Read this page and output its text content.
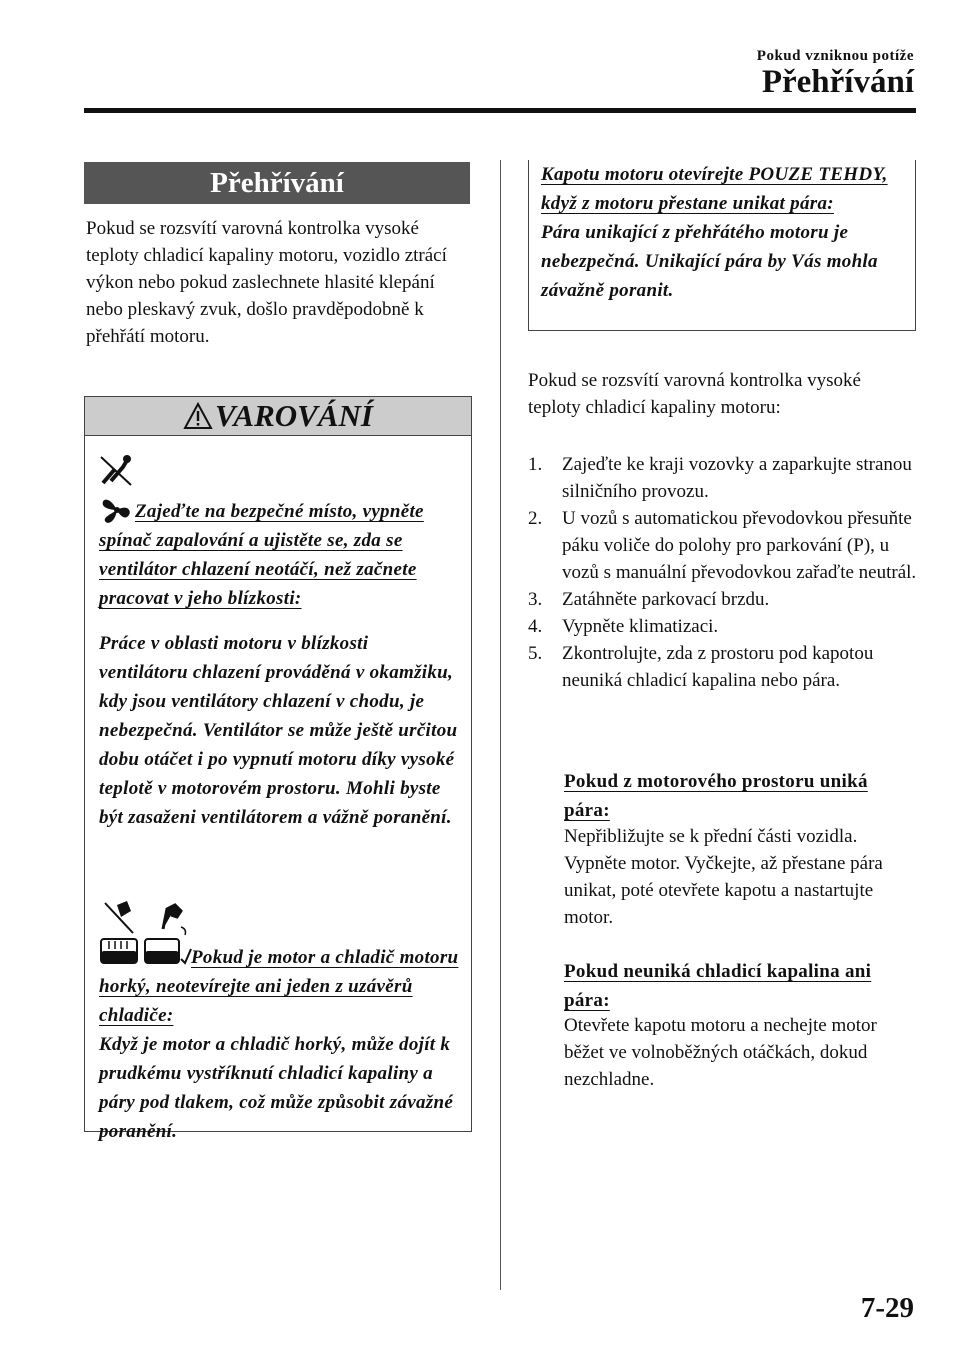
Pokud vzniknou potíže
Přehřívání
Přehřívání
Pokud se rozsvítí varovná kontrolka vysoké teploty chladicí kapaliny motoru, vozidlo ztrácí výkon nebo pokud zaslechnete hlasité klepání nebo pleskavý zvuk, došlo pravděpodobně k přehřátí motoru.
VAROVÁNÍ
Zajeďte na bezpečné místo, vypněte spínač zapalování a ujistěte se, zda se ventilátor chlazení neotáčí, než začnete pracovat v jeho blízkosti:
Práce v oblasti motoru v blízkosti ventilátoru chlazení prováděná v okamžiku, kdy jsou ventilátory chlazení v chodu, je nebezpečná. Ventilátor se může ještě určitou dobu otáčet i po vypnutí motoru díky vysoké teplotě v motorovém prostoru. Mohli byste být zasaženi ventilátorem a vážně poranění.
Pokud je motor a chladič motoru horký, neotevírejte ani jeden z uzávěrů chladiče:
Když je motor a chladič horký, může dojít k prudkému vystříknutí chladicí kapaliny a páry pod tlakem, což může způsobit závažné poranění.
Kapotu motoru otevírejte POUZE TEHDY, když z motoru přestane unikat pára:
Pára unikající z přehřátého motoru je nebezpečná. Unikající pára by Vás mohla závažně poranit.
Pokud se rozsvítí varovná kontrolka vysoké teploty chladicí kapaliny motoru:
1. Zajeďte ke kraji vozovky a zaparkujte stranou silničního provozu.
2. U vozů s automatickou převodovkou přesuňte páku voliče do polohy pro parkování (P), u vozů s manuální převodovkou zařaďte neutrál.
3. Zatáhněte parkovací brzdu.
4. Vypněte klimatizaci.
5. Zkontrolujte, zda z prostoru pod kapotou neuniká chladicí kapalina nebo pára.
Pokud z motorového prostoru uniká pára:
Nepřibližujte se k přední části vozidla. Vypněte motor. Vyčkejte, až přestane pára unikat, poté otevřete kapotu a nastartujte motor.
Pokud neuniká chladicí kapalina ani pára:
Otevřete kapotu motoru a nechejte motor běžet ve volnoběžných otáčkách, dokud nezchladne.
7-29
